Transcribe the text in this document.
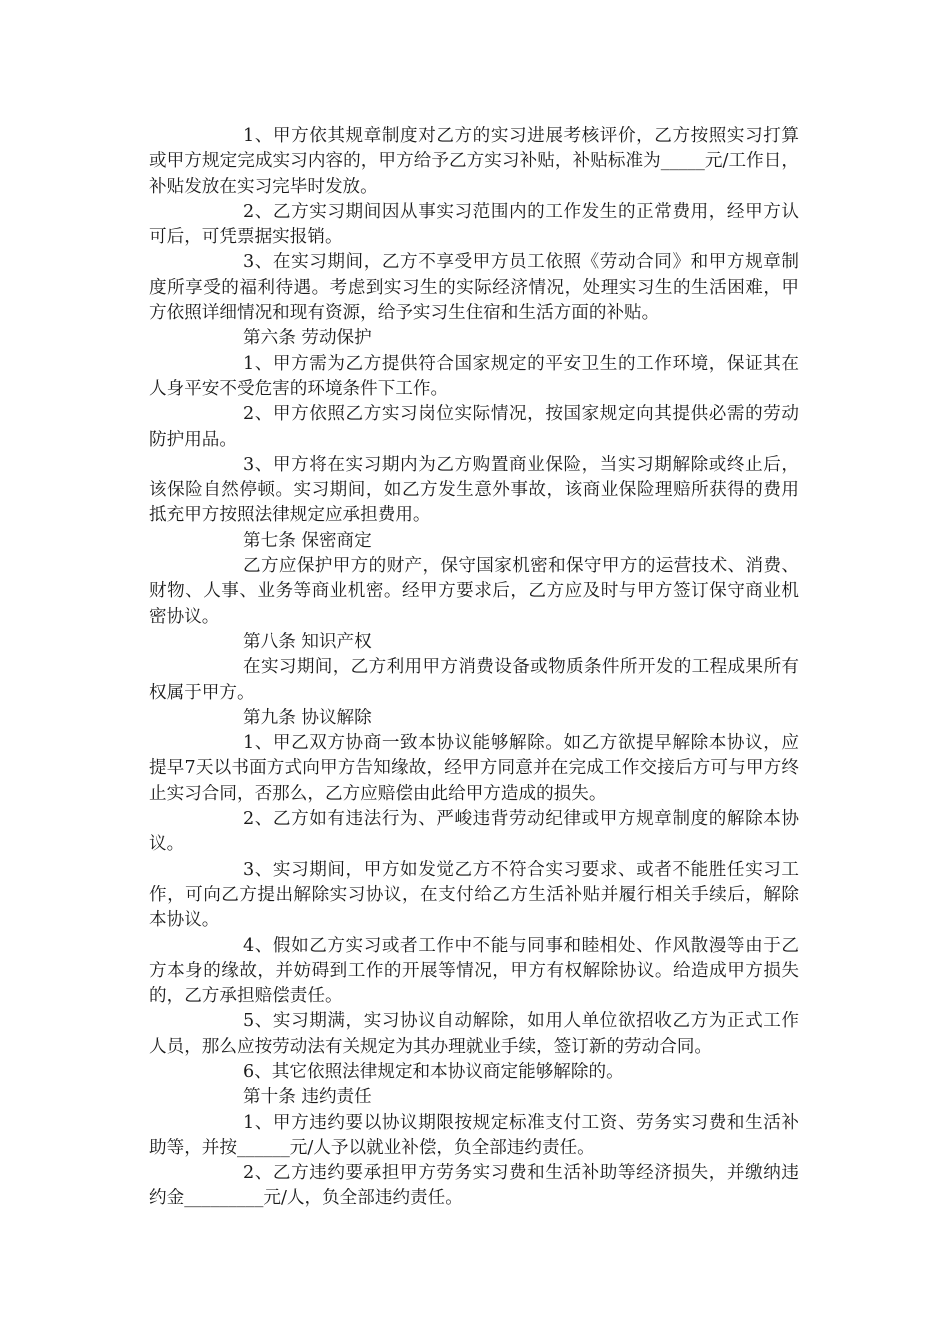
1、甲方依其规章制度对乙方的实习进展考核评价，乙方按照实习打算或甲方规定完成实习内容的，甲方给予乙方实习补贴，补贴标准为_____元/工作日，补贴发放在实习完毕时发放。

2、乙方实习期间因从事实习范围内的工作发生的正常费用，经甲方认可后，可凭票据实报销。

3、在实习期间，乙方不享受甲方员工依照《劳动合同》和甲方规章制度所享受的福利待遇。考虑到实习生的实际经济情况，处理实习生的生活困难，甲方依照详细情况和现有资源，给予实习生住宿和生活方面的补贴。

第六条 劳动保护

1、甲方需为乙方提供符合国家规定的平安卫生的工作环境，保证其在人身平安不受危害的环境条件下工作。

2、甲方依照乙方实习岗位实际情况，按国家规定向其提供必需的劳动防护用品。

3、甲方将在实习期内为乙方购置商业保险，当实习期解除或终止后，该保险自然停顿。实习期间，如乙方发生意外事故，该商业保险理赔所获得的费用抵充甲方按照法律规定应承担费用。

第七条 保密商定

乙方应保护甲方的财产，保守国家机密和保守甲方的运营技术、消费、财物、人事、业务等商业机密。经甲方要求后，乙方应及时与甲方签订保守商业机密协议。

第八条 知识产权

在实习期间，乙方利用甲方消费设备或物质条件所开发的工程成果所有权属于甲方。

第九条 协议解除

1、甲乙双方协商一致本协议能够解除。如乙方欲提早解除本协议，应提早7天以书面方式向甲方告知缘故，经甲方同意并在完成工作交接后方可与甲方终止实习合同，否那么，乙方应赔偿由此给甲方造成的损失。

2、乙方如有违法行为、严峻违背劳动纪律或甲方规章制度的解除本协议。

3、实习期间，甲方如发觉乙方不符合实习要求、或者不能胜任实习工作，可向乙方提出解除实习协议，在支付给乙方生活补贴并履行相关手续后，解除本协议。

4、假如乙方实习或者工作中不能与同事和睦相处、作风散漫等由于乙方本身的缘故，并妨碍到工作的开展等情况，甲方有权解除协议。给造成甲方损失的，乙方承担赔偿责任。

5、实习期满，实习协议自动解除，如用人单位欲招收乙方为正式工作人员，那么应按劳动法有关规定为其办理就业手续，签订新的劳动合同。

6、其它依照法律规定和本协议商定能够解除的。

第十条 违约责任

1、甲方违约要以协议期限按规定标准支付工资、劳务实习费和生活补助等，并按______元/人予以就业补偿，负全部违约责任。

2、乙方违约要承担甲方劳务实习费和生活补助等经济损失，并缴纳违约金_________元/人，负全部违约责任。
